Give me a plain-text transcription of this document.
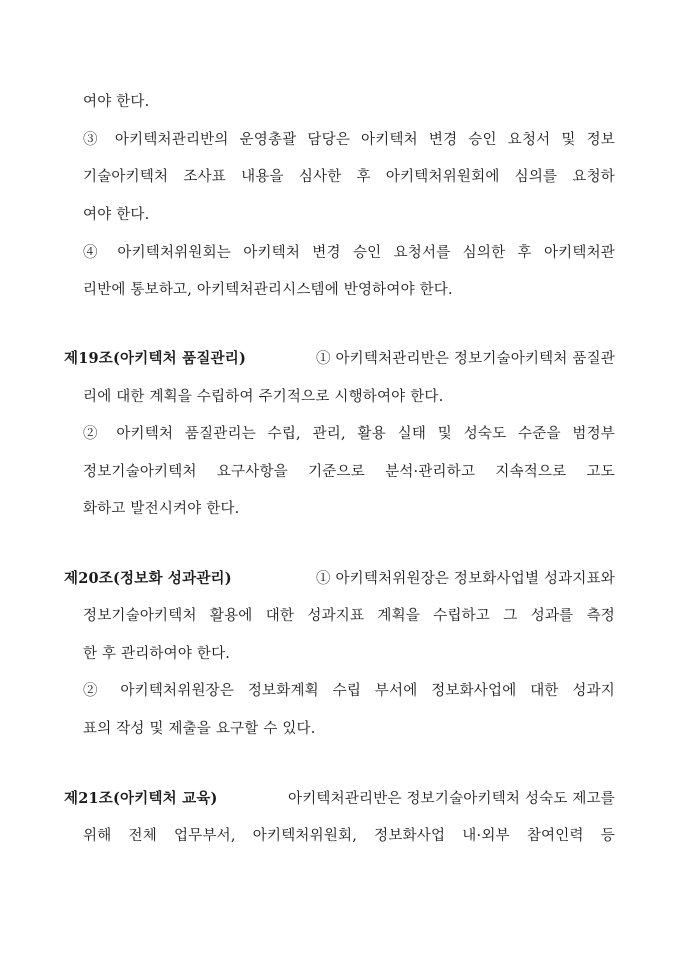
여야 한다.
③ 아키텍처관리반의 운영총괄 담당은 아키텍처 변경 승인 요청서 및 정보
기술아키텍처 조사표 내용을 심사한 후 아키텍처위원회에 심의를 요청하
여야 한다.
④ 아키텍처위원회는 아키텍처 변경 승인 요청서를 심의한 후 아키텍처관
리반에 통보하고, 아키텍처관리시스템에 반영하여야 한다.
제19조(아키텍처 품질관리)	① 아키텍처관리반은 정보기술아키텍처 품질관
리에 대한 계획을 수립하여 주기적으로 시행하여야 한다.
② 아키텍처 품질관리는 수립, 관리, 활용 실태 및 성숙도 수준을 범정부
정보기술아키텍처 요구사항을 기준으로 분석·관리하고 지속적으로 고도
화하고 발전시켜야 한다.
제20조(정보화 성과관리)	① 아키텍처위원장은 정보화사업별 성과지표와
정보기술아키텍처 활용에 대한 성과지표 계획을 수립하고 그 성과를 측정
한 후 관리하여야 한다.
② 아키텍처위원장은 정보화계획 수립 부서에 정보화사업에 대한 성과지
표의 작성 및 제출을 요구할 수 있다.
제21조(아키텍처 교육)	아키텍처관리반은 정보기술아키텍처 성숙도 제고를
위해 전체 업무부서, 아키텍처위원회, 정보화사업 내·외부 참여인력 등
